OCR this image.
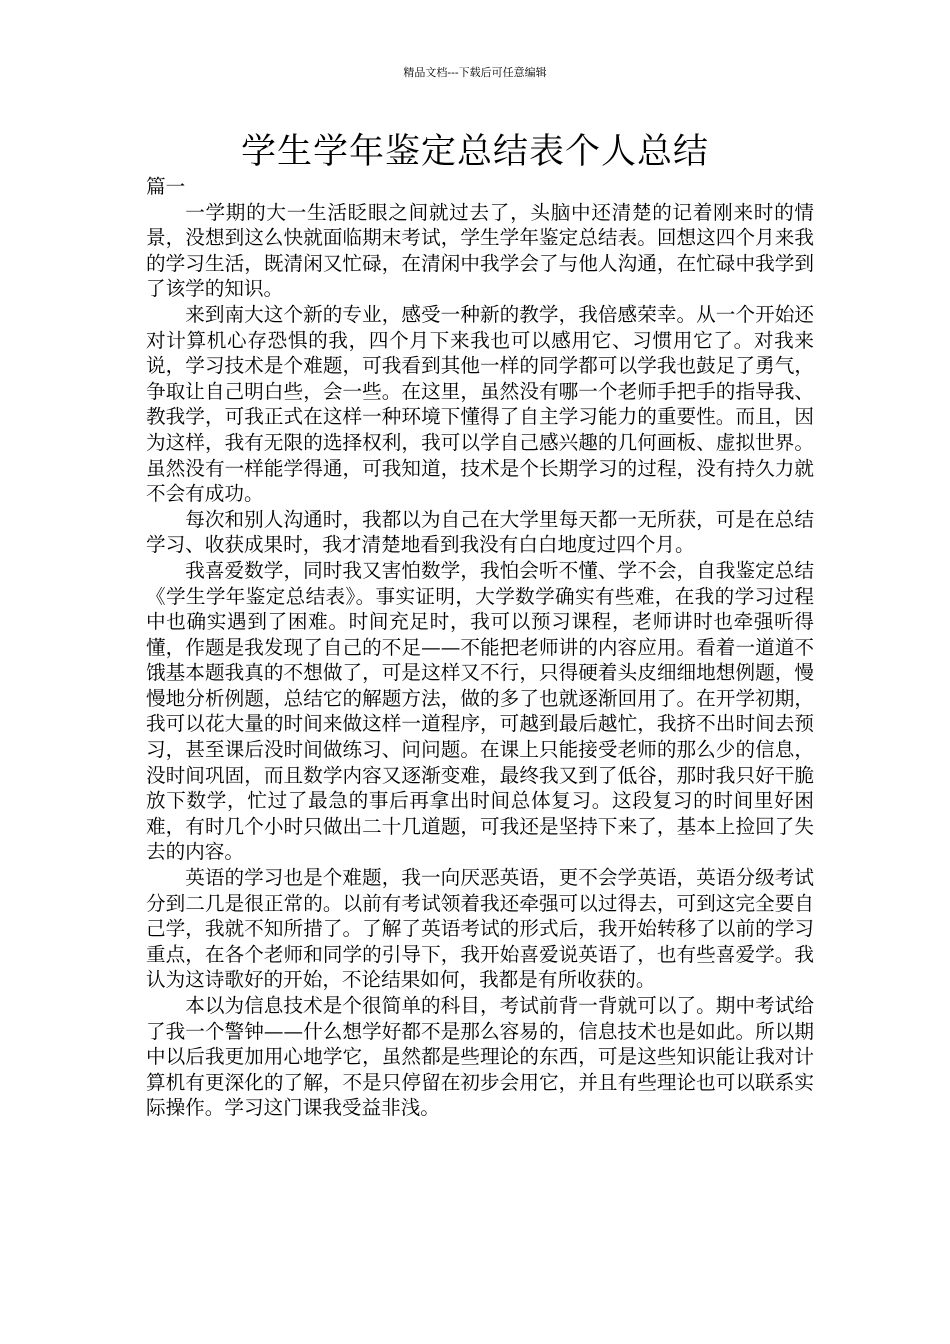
精品文档---下载后可任意编辑
学生学年鉴定总结表个人总结

篇一

一学期的大一生活眨眼之间就过去了，头脑中还清楚的记着刚来时的情景，没想到这么快就面临期末考试，学生学年鉴定总结表。回想这四个月来我的学习生活，既清闲又忙碌，在清闲中我学会了与他人沟通，在忙碌中我学到了该学的知识。

来到南大这个新的专业，感受一种新的教学，我倍感荣幸。从一个开始还对计算机心存恐惧的我，四个月下来我也可以感用它、习惯用它了。对我来说，学习技术是个难题，可我看到其他一样的同学都可以学我也鼓足了勇气，争取让自己明白些，会一些。在这里，虽然没有哪一个老师手把手的指导我、教我学，可我正式在这样一种环境下懂得了自主学习能力的重要性。而且，因为这样，我有无限的选择权利，我可以学自己感兴趣的几何画板、虚拟世界。虽然没有一样能学得通，可我知道，技术是个长期学习的过程，没有持久力就不会有成功。

每次和别人沟通时，我都以为自己在大学里每天都一无所获，可是在总结学习、收获成果时，我才清楚地看到我没有白白地度过四个月。

我喜爱数学，同时我又害怕数学，我怕会听不懂、学不会，自我鉴定总结《学生学年鉴定总结表》。事实证明，大学数学确实有些难，在我的学习过程中也确实遇到了困难。时间充足时，我可以预习课程，老师讲时也牵强听得懂，作题是我发现了自己的不足——不能把老师讲的内容应用。看着一道道不饿基本题我真的不想做了，可是这样又不行，只得硬着头皮细细地想例题，慢慢地分析例题，总结它的解题方法，做的多了也就逐渐回用了。在开学初期，我可以花大量的时间来做这样一道程序，可越到最后越忙，我挤不出时间去预习，甚至课后没时间做练习、问问题。在课上只能接受老师的那么少的信息，没时间巩固，而且数学内容又逐渐变难，最终我又到了低谷，那时我只好干脆放下数学，忙过了最急的事后再拿出时间总体复习。这段复习的时间里好困难，有时几个小时只做出二十几道题，可我还是坚持下来了，基本上捡回了失去的内容。

英语的学习也是个难题，我一向厌恶英语，更不会学英语，英语分级考试分到二几是很正常的。以前有考试领着我还牵强可以过得去，可到这完全要自己学，我就不知所措了。了解了英语考试的形式后，我开始转移了以前的学习重点，在各个老师和同学的引导下，我开始喜爱说英语了，也有些喜爱学。我认为这诗歌好的开始，不论结果如何，我都是有所收获的。

本以为信息技术是个很简单的科目，考试前背一背就可以了。期中考试给了我一个警钟——什么想学好都不是那么容易的，信息技术也是如此。所以期中以后我更加用心地学它，虽然都是些理论的东西，可是这些知识能让我对计算机有更深化的了解，不是只停留在初步会用它，并且有些理论也可以联系实际操作。学习这门课我受益非浅。
